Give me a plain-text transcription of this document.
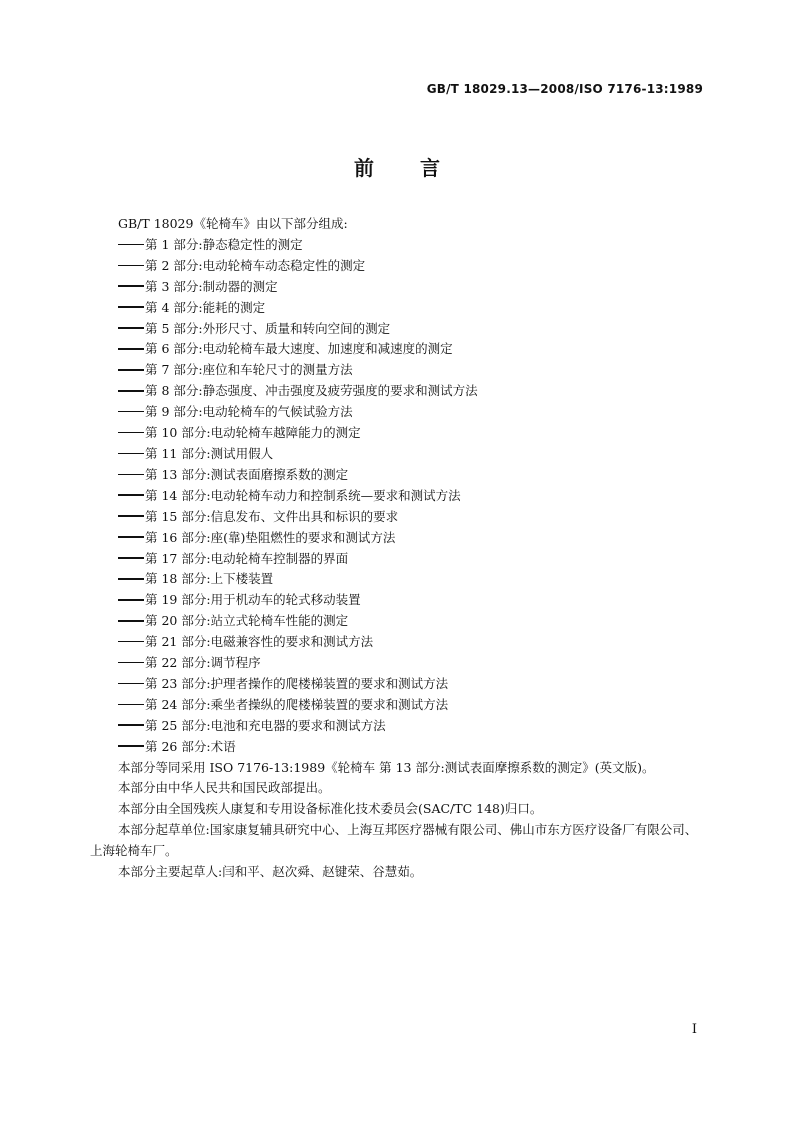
GB/T 18029.13—2008/ISO 7176-13:1989
前 言
GB/T 18029《轮椅车》由以下部分组成:
第 1 部分:静态稳定性的测定
第 2 部分:电动轮椅车动态稳定性的测定
第 3 部分:制动器的测定
第 4 部分:能耗的测定
第 5 部分:外形尺寸、质量和转向空间的测定
第 6 部分:电动轮椅车最大速度、加速度和减速度的测定
第 7 部分:座位和车轮尺寸的测量方法
第 8 部分:静态强度、冲击强度及疲劳强度的要求和测试方法
第 9 部分:电动轮椅车的气候试验方法
第 10 部分:电动轮椅车越障能力的测定
第 11 部分:测试用假人
第 13 部分:测试表面磨擦系数的测定
第 14 部分:电动轮椅车动力和控制系统—要求和测试方法
第 15 部分:信息发布、文件出具和标识的要求
第 16 部分:座(靠)垫阻燃性的要求和测试方法
第 17 部分:电动轮椅车控制器的界面
第 18 部分:上下楼装置
第 19 部分:用于机动车的轮式移动装置
第 20 部分:站立式轮椅车性能的测定
第 21 部分:电磁兼容性的要求和测试方法
第 22 部分:调节程序
第 23 部分:护理者操作的爬楼梯装置的要求和测试方法
第 24 部分:乘坐者操纵的爬楼梯装置的要求和测试方法
第 25 部分:电池和充电器的要求和测试方法
第 26 部分:术语
本部分等同采用 ISO 7176-13:1989《轮椅车 第 13 部分:测试表面摩擦系数的测定》(英文版)。
本部分由中华人民共和国民政部提出。
本部分由全国残疾人康复和专用设备标准化技术委员会(SAC/TC 148)归口。
本部分起草单位:国家康复辅具研究中心、上海互邦医疗器械有限公司、佛山市东方医疗设备厂有限公司、上海轮椅车厂。
本部分主要起草人:闫和平、赵次舜、赵键荣、谷慧茹。
I
